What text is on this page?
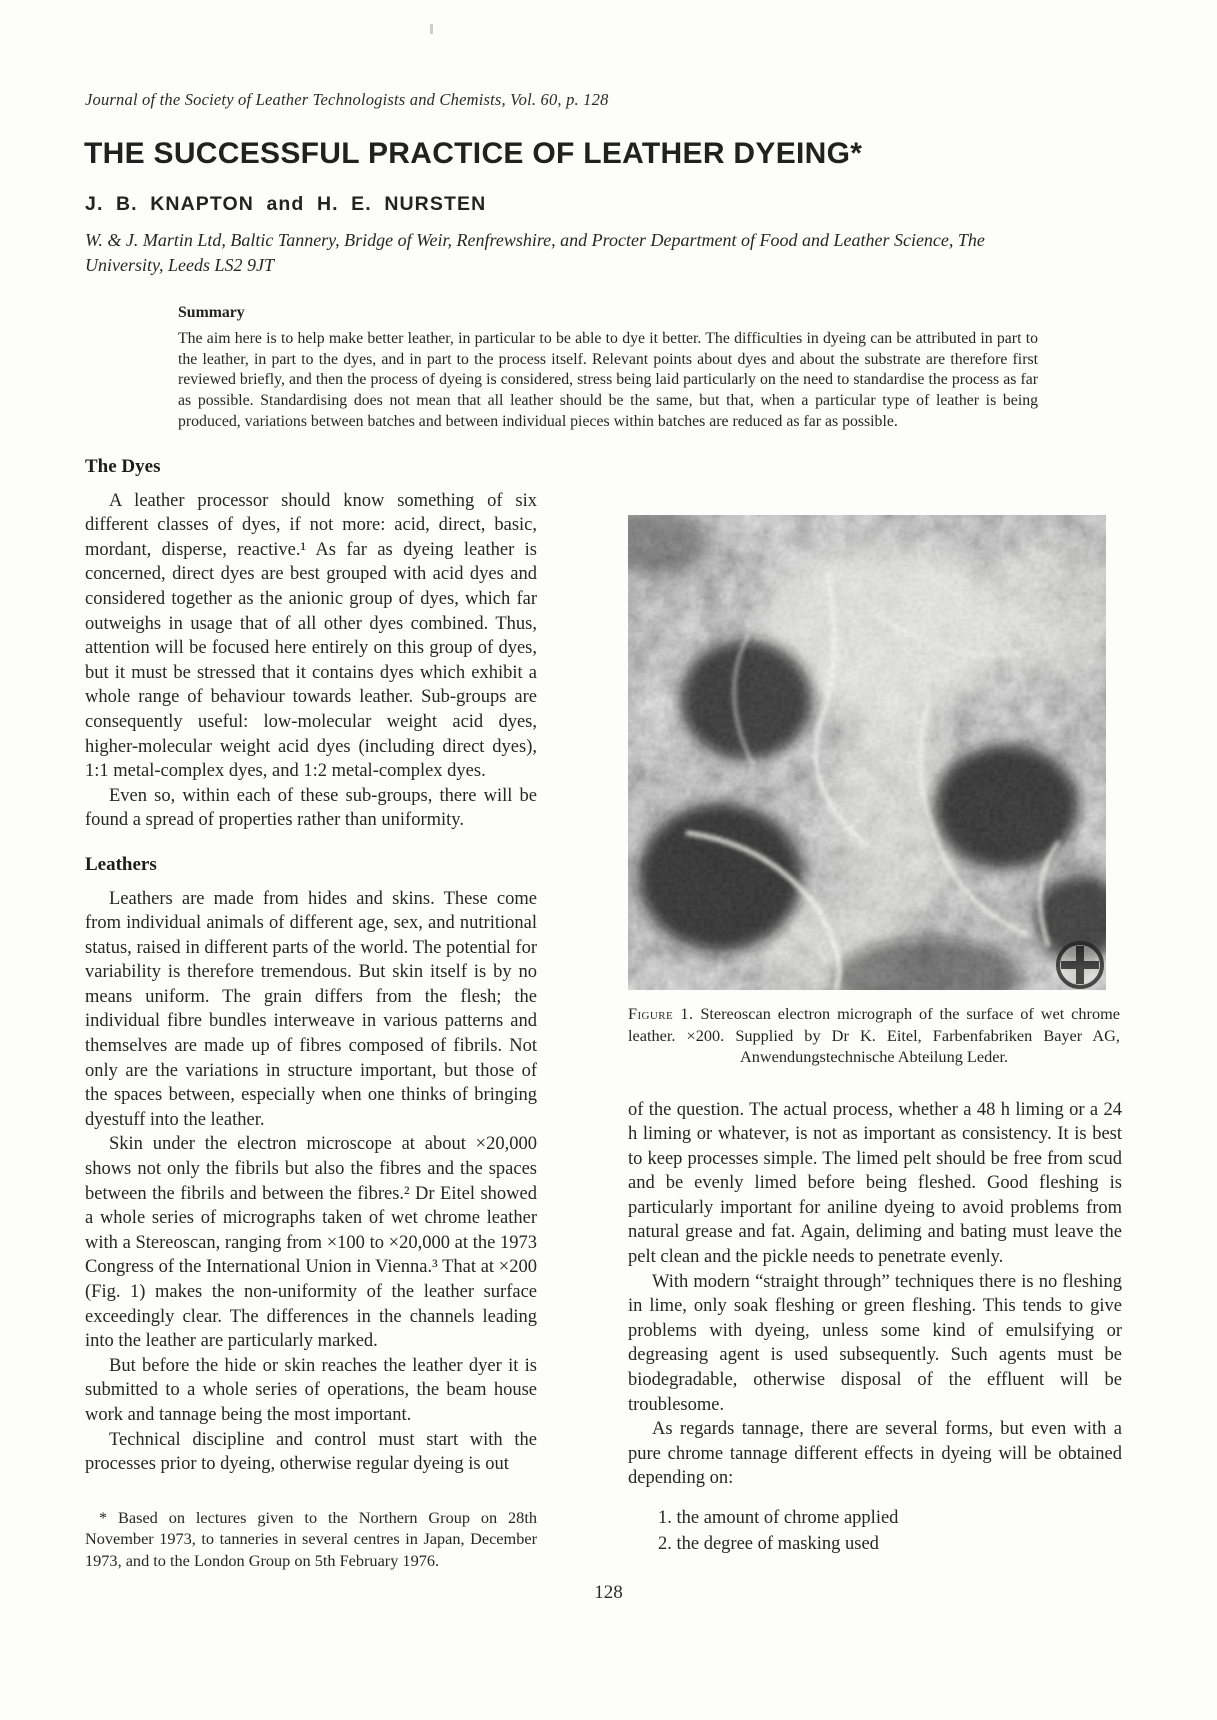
Journal of the Society of Leather Technologists and Chemists, Vol. 60, p. 128
THE SUCCESSFUL PRACTICE OF LEATHER DYEING*
J. B. KNAPTON and H. E. NURSTEN
W. & J. Martin Ltd, Baltic Tannery, Bridge of Weir, Renfrewshire, and Procter Department of Food and Leather Science, The University, Leeds LS2 9JT
Summary

The aim here is to help make better leather, in particular to be able to dye it better. The difficulties in dyeing can be attributed in part to the leather, in part to the dyes, and in part to the process itself. Relevant points about dyes and about the substrate are therefore first reviewed briefly, and then the process of dyeing is considered, stress being laid particularly on the need to standardise the process as far as possible. Standardising does not mean that all leather should be the same, but that, when a particular type of leather is being produced, variations between batches and between individual pieces within batches are reduced as far as possible.

The Dyes

A leather processor should know something of six different classes of dyes, if not more: acid, direct, basic, mordant, disperse, reactive.¹ As far as dyeing leather is concerned, direct dyes are best grouped with acid dyes and considered together as the anionic group of dyes, which far outweighs in usage that of all other dyes combined. Thus, attention will be focused here entirely on this group of dyes, but it must be stressed that it contains dyes which exhibit a whole range of behaviour towards leather. Sub-groups are consequently useful: low-molecular weight acid dyes, higher-molecular weight acid dyes (including direct dyes), 1:1 metal-complex dyes, and 1:2 metal-complex dyes.

Even so, within each of these sub-groups, there will be found a spread of properties rather than uniformity.

Leathers

Leathers are made from hides and skins. These come from individual animals of different age, sex, and nutritional status, raised in different parts of the world. The potential for variability is therefore tremendous. But skin itself is by no means uniform. The grain differs from the flesh; the individual fibre bundles interweave in various patterns and themselves are made up of fibres composed of fibrils. Not only are the variations in structure important, but those of the spaces between, especially when one thinks of bringing dyestuff into the leather.

Skin under the electron microscope at about ×20,000 shows not only the fibrils but also the fibres and the spaces between the fibrils and between the fibres.² Dr Eitel showed a whole series of micrographs taken of wet chrome leather with a Stereoscan, ranging from ×100 to ×20,000 at the 1973 Congress of the International Union in Vienna.³ That at ×200 (Fig. 1) makes the non-uniformity of the leather surface exceedingly clear. The differences in the channels leading into the leather are particularly marked.

But before the hide or skin reaches the leather dyer it is submitted to a whole series of operations, the beam house work and tannage being the most important.

Technical discipline and control must start with the processes prior to dyeing, otherwise regular dyeing is out

* Based on lectures given to the Northern Group on 28th November 1973, to tanneries in several centres in Japan, December 1973, and to the London Group on 5th February 1976.

Figure 1. Stereoscan electron micrograph of the surface of wet chrome leather. ×200. Supplied by Dr K. Eitel, Farbenfabriken Bayer AG, Anwendungstechnische Abteilung Leder.

of the question. The actual process, whether a 48 h liming or a 24 h liming or whatever, is not as important as consistency. It is best to keep processes simple. The limed pelt should be free from scud and be evenly limed before being fleshed. Good fleshing is particularly important for aniline dyeing to avoid problems from natural grease and fat. Again, deliming and bating must leave the pelt clean and the pickle needs to penetrate evenly.

With modern “straight through” techniques there is no fleshing in lime, only soak fleshing or green fleshing. This tends to give problems with dyeing, unless some kind of emulsifying or degreasing agent is used subsequently. Such agents must be biodegradable, otherwise disposal of the effluent will be troublesome.

As regards tannage, there are several forms, but even with a pure chrome tannage different effects in dyeing will be obtained depending on:

1. the amount of chrome applied
2. the degree of masking used
128
